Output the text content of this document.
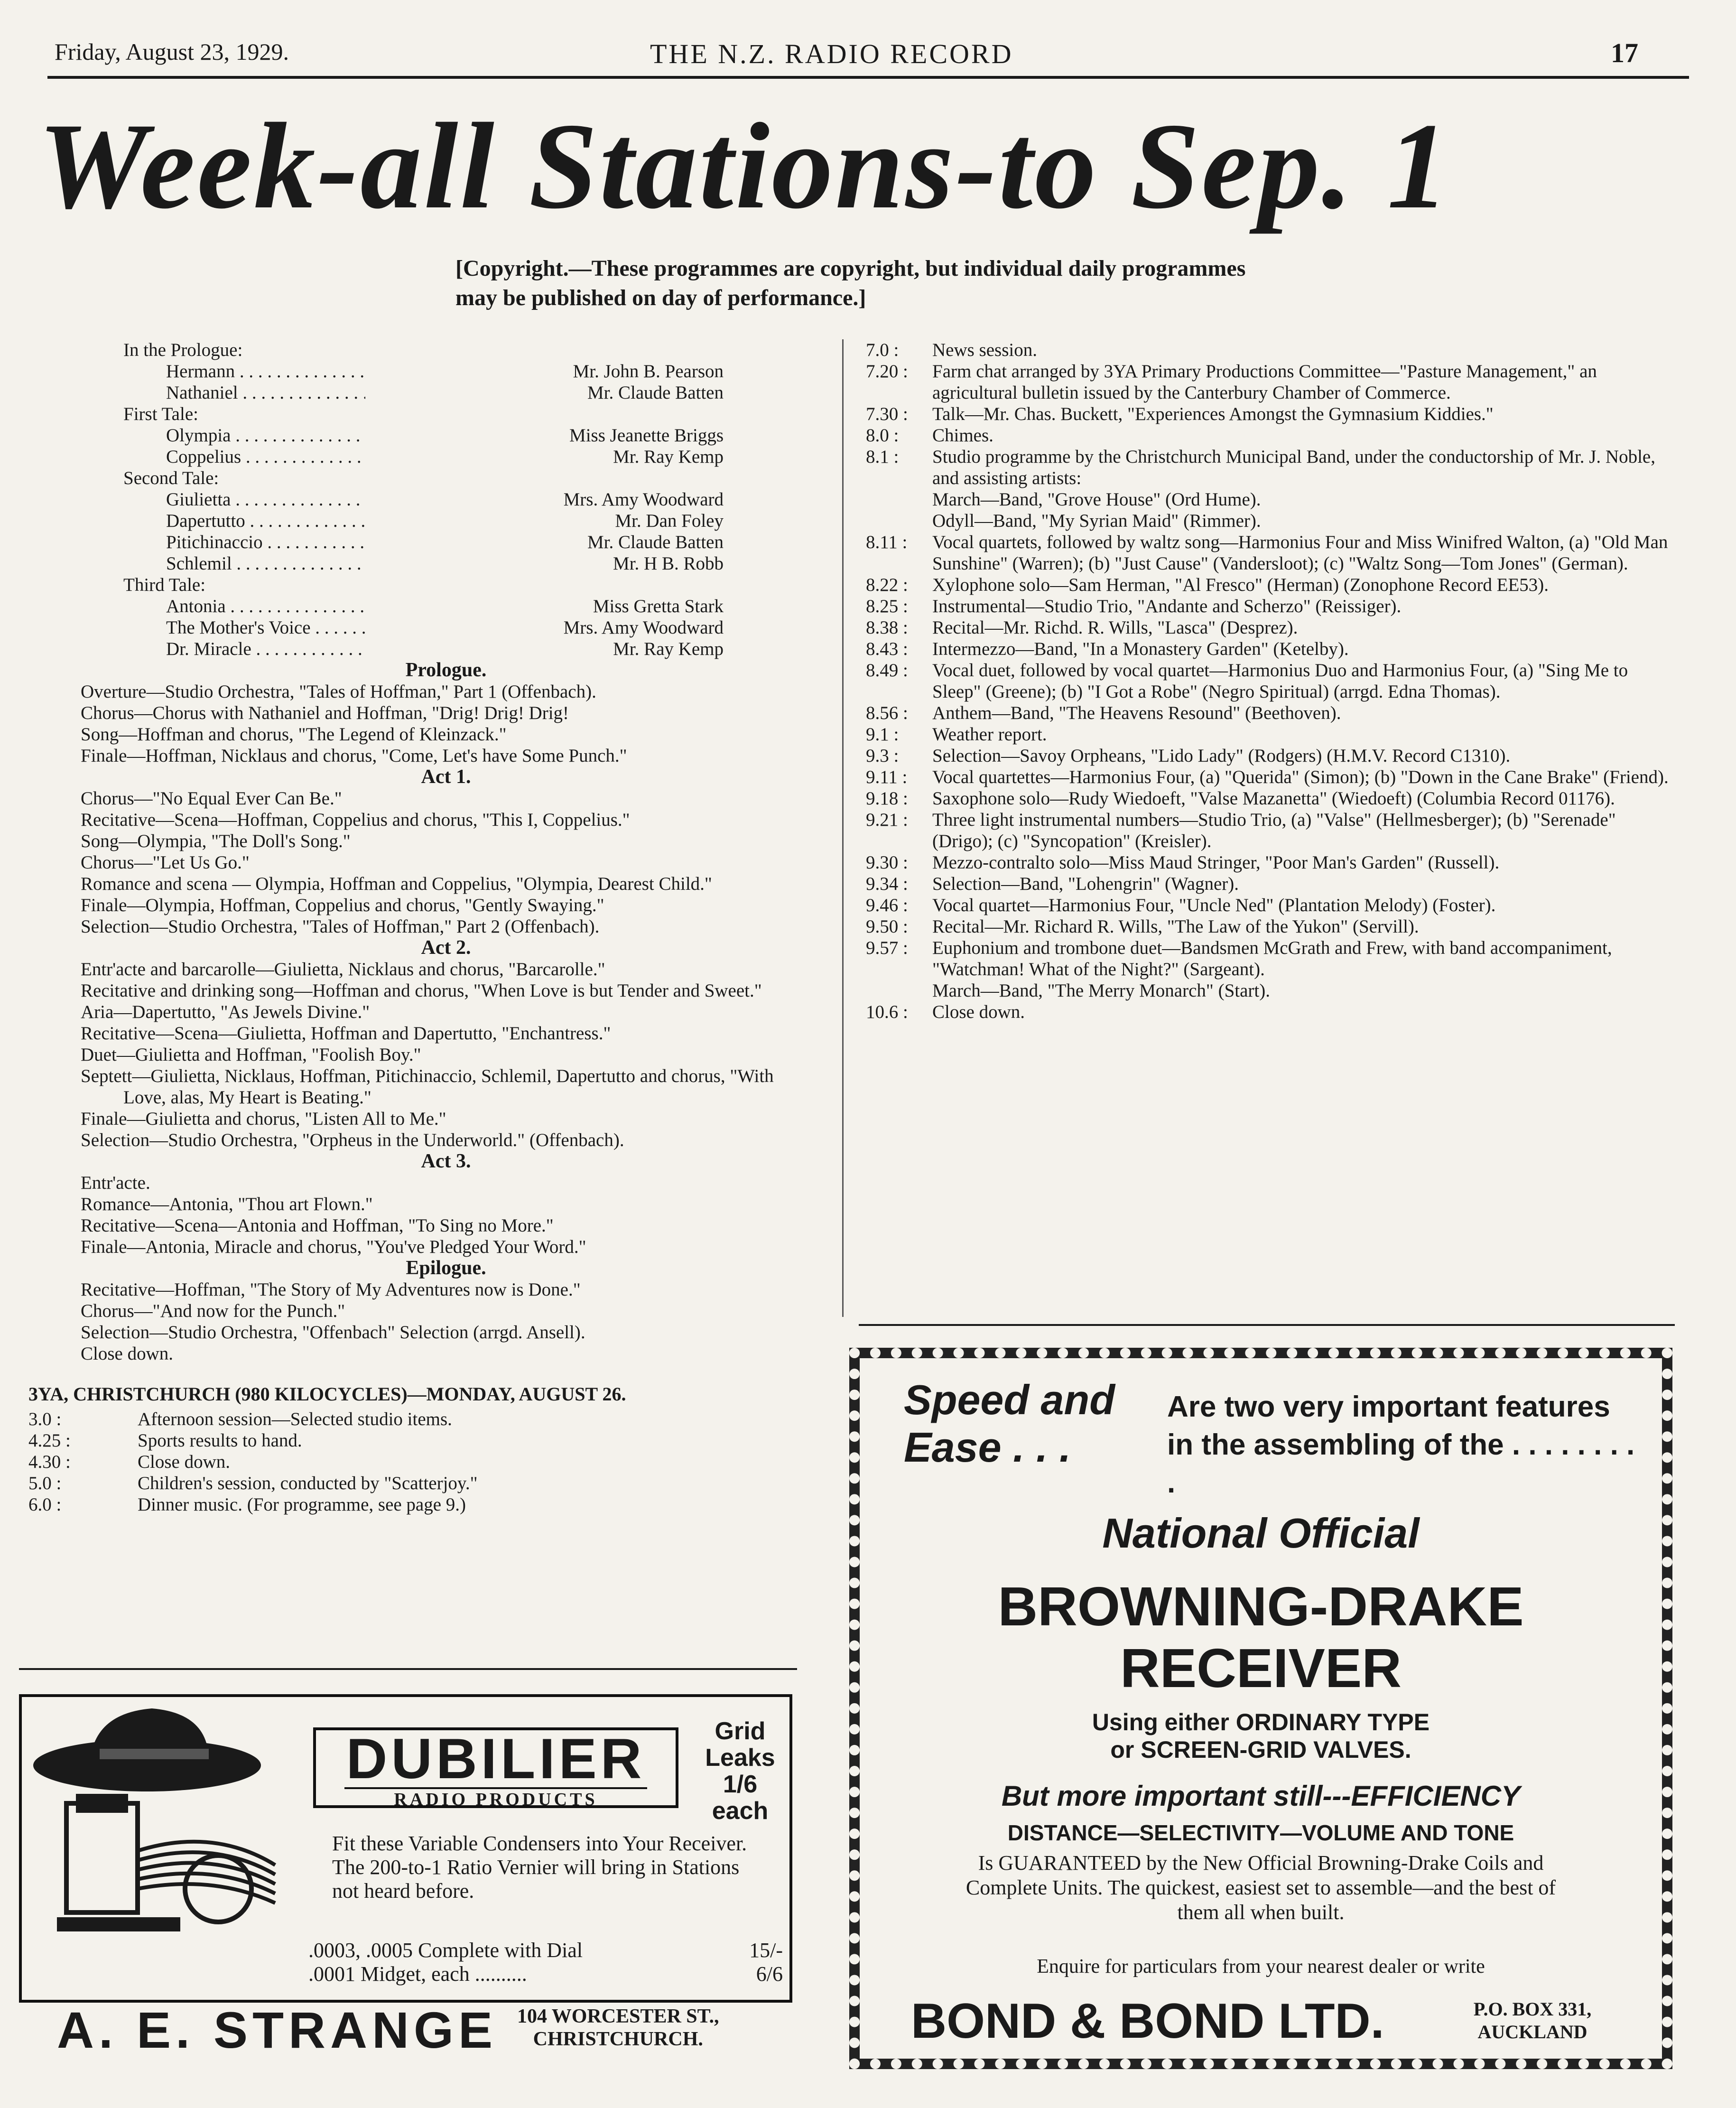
Friday, August 23, 1929.	THE N.Z. RADIO RECORD	17
Week-all Stations-to Sep. 1
[Copyright.—These programmes are copyright, but individual daily programmes may be published on day of performance.]
In the Prologue:
Hermann . . .	Mr. John B. Pearson
Nathaniel . . .	Mr. Claude Batten
First Tale:
Olympia . . .	Miss Jeanette Briggs
Coppelius . . .	Mr. Ray Kemp
Second Tale:
Giulietta . . .	Mrs. Amy Woodward
Dapertutto . . .	Mr. Dan Foley
Pitichinaccio . . .	Mr. Claude Batten
Schlemil . . .	Mr. H B. Robb
Third Tale:
Antonia . . .	Miss Gretta Stark
The Mother's Voice . . .	Mrs. Amy Woodward
Dr. Miracle . . .	Mr. Ray Kemp
Prologue.
Overture—Studio Orchestra, "Tales of Hoffman," Part 1 (Offenbach).
Chorus—Chorus with Nathaniel and Hoffman, "Drig! Drig! Drig!
Song—Hoffman and chorus, "The Legend of Kleinzack."
Finale—Hoffman, Nicklaus and chorus, "Come, Let's have Some Punch."
Act 1.
Chorus—"No Equal Ever Can Be."
Recitative—Scena—Hoffman, Coppelius and chorus, "This I, Coppelius."
Song—Olympia, "The Doll's Song."
Chorus—"Let Us Go."
Romance and scena — Olympia, Hoffman and Coppelius, "Olympia, Dearest Child."
Finale—Olympia, Hoffman, Coppelius and chorus, "Gently Swaying."
Selection—Studio Orchestra, "Tales of Hoffman," Part 2 (Offenbach).
Act 2.
Entr'acte and barcarolle—Giulietta, Nicklaus and chorus, "Barcarolle."
Recitative and drinking song—Hoffman and chorus, "When Love is but Tender and Sweet."
Aria—Dapertutto, "As Jewels Divine."
Recitative—Scena—Giulietta, Hoffman and Dapertutto, "Enchantress."
Duet—Giulietta and Hoffman, "Foolish Boy."
Septett—Giulietta, Nicklaus, Hoffman, Pitichinaccio, Schlemil, Dapertutto and chorus, "With Love, alas, My Heart is Beating."
Finale—Giulietta and chorus, "Listen All to Me."
Selection—Studio Orchestra, "Orpheus in the Underworld." (Offenbach).
Act 3.
Entr'acte.
Romance—Antonia, "Thou art Flown."
Recitative—Scena—Antonia and Hoffman, "To Sing no More."
Finale—Antonia, Miracle and chorus, "You've Pledged Your Word."
Epilogue.
Recitative—Hoffman, "The Story of My Adventures now is Done."
Chorus—"And now for the Punch."
Selection—Studio Orchestra, "Offenbach" Selection (arrgd. Ansell).
Close down.
3YA, CHRISTCHURCH (980 KILOCYCLES)—MONDAY, AUGUST 26.
3.0 :	Afternoon session—Selected studio items.
4.25 :	Sports results to hand.
4.30 :	Close down.
5.0 :	Children's session, conducted by "Scatterjoy."
6.0 :	Dinner music. (For programme, see page 9.)
7.0 :	News session.
7.20 :	Farm chat arranged by 3YA Primary Productions Committee—"Pasture Management," an agricultural bulletin issued by the Canterbury Chamber of Commerce.
7.30 :	Talk—Mr. Chas. Buckett, "Experiences Amongst the Gymnasium Kiddies."
8.0 :	Chimes.
8.1 :	Studio programme by the Christchurch Municipal Band, under the conductorship of Mr. J. Noble, and assisting artists:
March—Band, "Grove House" (Ord Hume).
Odyll—Band, "My Syrian Maid" (Rimmer).
8.11 :	Vocal quartets, followed by waltz song—Harmonius Four and Miss Winifred Walton, (a) "Old Man Sunshine" (Warren); (b) "Just Cause" (Vandersloot); (c) "Waltz Song—Tom Jones" (German).
8.22 :	Xylophone solo—Sam Herman, "Al Fresco" (Herman) (Zonophone Record EE53).
8.25 :	Instrumental—Studio Trio, "Andante and Scherzo" (Reissiger).
8.38 :	Recital—Mr. Richd. R. Wills, "Lasca" (Desprez).
8.43 :	Intermezzo—Band, "In a Monastery Garden" (Ketelby).
8.49 :	Vocal duet, followed by vocal quartet—Harmonius Duo and Harmonius Four, (a) "Sing Me to Sleep" (Greene); (b) "I Got a Robe" (Negro Spiritual) (arrgd. Edna Thomas).
8.56 :	Anthem—Band, "The Heavens Resound" (Beethoven).
9.1 :	Weather report.
9.3 :	Selection—Savoy Orpheans, "Lido Lady" (Rodgers) (H.M.V. Record C1310).
9.11 :	Vocal quartettes—Harmonius Four, (a) "Querida" (Simon); (b) "Down in the Cane Brake" (Friend).
9.18 :	Saxophone solo—Rudy Wiedoeft, "Valse Mazanetta" (Wiedoeft) (Columbia Record 01176).
9.21 :	Three light instrumental numbers—Studio Trio, (a) "Valse" (Hellmesberger); (b) "Serenade" (Drigo); (c) "Syncopation" (Kreisler).
9.30 :	Mezzo-contralto solo—Miss Maud Stringer, "Poor Man's Garden" (Russell).
9.34 :	Selection—Band, "Lohengrin" (Wagner).
9.46 :	Vocal quartet—Harmonius Four, "Uncle Ned" (Plantation Melody) (Foster).
9.50 :	Recital—Mr. Richard R. Wills, "The Law of the Yukon" (Servill).
9.57 :	Euphonium and trombone duet—Bandsmen McGrath and Frew, with band accompaniment, "Watchman! What of the Night?" (Sargeant).
March—Band, "The Merry Monarch" (Start).
10.6 :	Close down.
DUBILIER
RADIO PRODUCTS
Grid
Leaks
1/6
each
Fit these Variable Condensers into Your Receiver. The 200-to-1 Ratio Vernier will bring in Stations not heard before.
.0003, .0005 Complete with Dial	15/-
.0001 Midget, each ..........	6/6
A. E. STRANGE 104 WORCESTER ST.,
CHRISTCHURCH.
Speed and
Ease . . .
Are two very important features in the assembling of the . . . . . . . . .
National Official
BROWNING-DRAKE
RECEIVER
Using either ORDINARY TYPE
or SCREEN-GRID VALVES.
But more important still---EFFICIENCY
DISTANCE—SELECTIVITY—VOLUME AND TONE
Is GUARANTEED by the New Official Browning-Drake Coils and Complete Units. The quickest, easiest set to assemble—and the best of them all when built.
Enquire for particulars from your nearest dealer or write
BOND & BOND LTD.	P.O. BOX 331,
AUCKLAND
